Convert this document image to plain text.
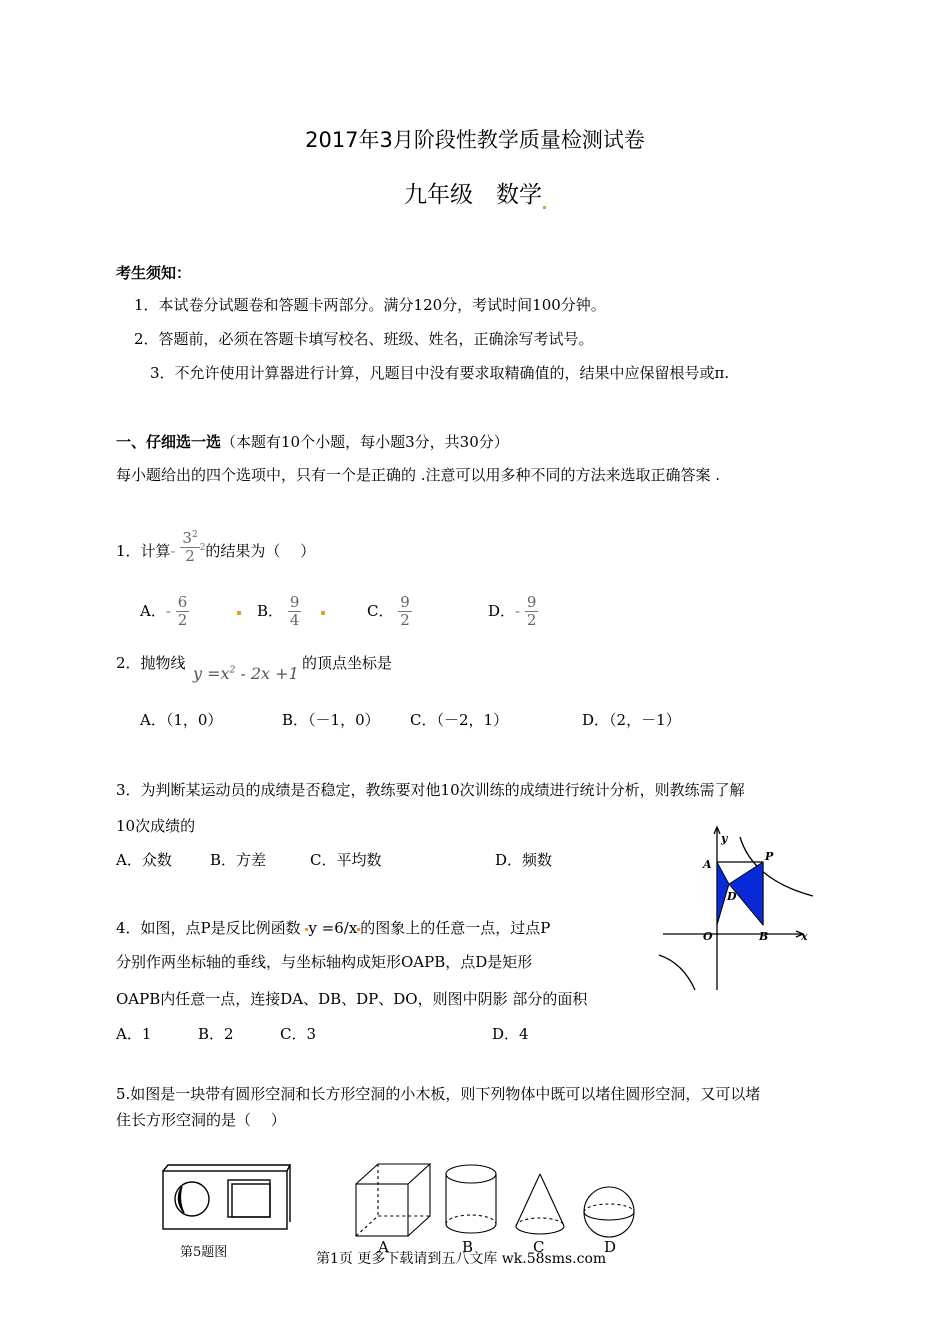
2017年3月阶段性教学质量检测试卷
九年级　数学
考生须知：
1．本试卷分试题卷和答题卡两部分。满分120分，考试时间100分钟。
2．答题前，必须在答题卡填写校名、班级、姓名，正确涂写考试号。
3．不允许使用计算器进行计算，凡题目中没有要求取精确值的，结果中应保留根号或π.
一、仔细选一选（本题有10个小题，每小题3分，共30分）
每小题给出的四个选项中，只有一个是正确的 .注意可以用多种不同的方法来选取正确答案 .
1．计算- $\frac{3^2}{2} ^2$的结果为（　 ）
A．- $\frac{6}{2}$	B． $\frac{9}{4}$	C． $\frac{9}{2}$	D．- $\frac{9}{2}$
2．抛物线
$y =x^2 - 2x +1$
的顶点坐标是
A．（1，0）	B．（－1，0） C．（－2，1）	D．（2，－1）
3．为判断某运动员的成绩是否稳定，教练要对他10次训练的成绩进行统计分析，则教练需了解
10次成绩的
A．众数	B．方差	C．平均数	D．频数
4．如图，点P是反比例函数 y =6/x 的图象上的任意一点，过点P
分别作两坐标轴的垂线，与坐标轴构成矩形OAPB，点D是矩形
OAPB内任意一点，连接DA、DB、DP、DO，则图中阴影 部分的面积
A．1	B．2	C．3	D．4
y
x
A
P
D
O	B
5.如图是一块带有圆形空洞和长方形空洞的小木板，则下列物体中既可以堵住圆形空洞，又可以堵
住长方形空洞的是（　 ）
第5题图	A	B	C	D
第1页 更多下载请到五八文库 wk.58sms.com
